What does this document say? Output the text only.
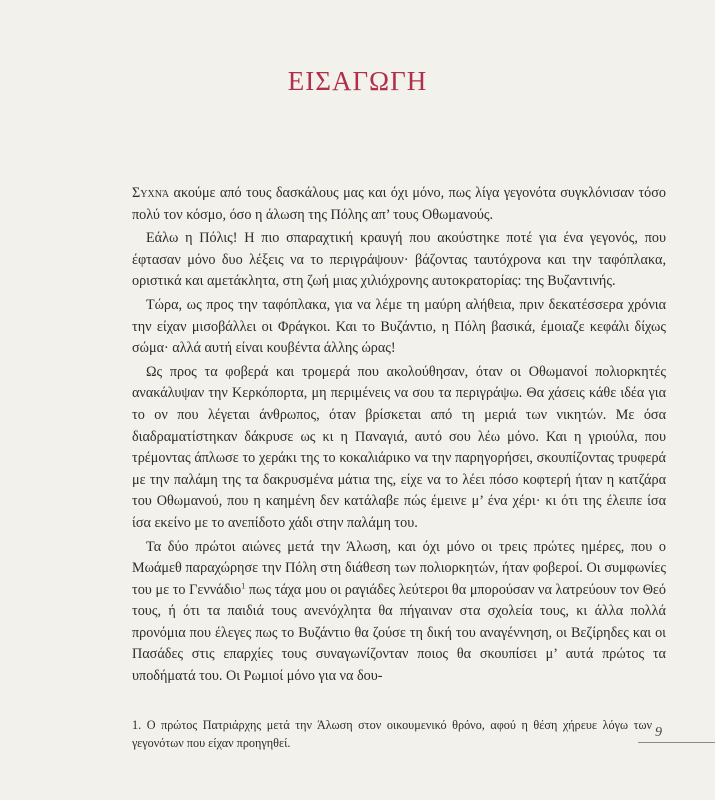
ΕΙΣΑΓΩΓΗ

Συχνά ακούμε από τους δασκάλους μας και όχι μόνο, πως λίγα γεγονότα συγκλόνισαν τόσο πολύ τον κόσμο, όσο η άλωση της Πόλης απ’ τους Οθωμανούς.

Εάλω η Πόλις! Η πιο σπαραχτική κραυγή που ακούστηκε ποτέ για ένα γεγονός, που έφτασαν μόνο δυο λέξεις να το περιγράψουν· βάζοντας ταυτόχρονα και την ταφόπλακα, οριστικά και αμετάκλητα, στη ζωή μιας χιλιόχρονης αυτοκρατορίας: της Βυζαντινής.

Τώρα, ως προς την ταφόπλακα, για να λέμε τη μαύρη αλήθεια, πριν δεκατέσσερα χρόνια την είχαν μισοβάλλει οι Φράγκοι. Και το Βυζάντιο, η Πόλη βασικά, έμοιαζε κεφάλι δίχως σώμα· αλλά αυτή είναι κουβέντα άλλης ώρας!

Ως προς τα φοβερά και τρομερά που ακολούθησαν, όταν οι Οθωμανοί πολιορκητές ανακάλυψαν την Κερκόπορτα, μη περιμένεις να σου τα περιγράψω. Θα χάσεις κάθε ιδέα για το ον που λέγεται άνθρωπος, όταν βρίσκεται από τη μεριά των νικητών. Με όσα διαδραματίστηκαν δάκρυσε ως κι η Παναγιά, αυτό σου λέω μόνο. Και η γριούλα, που τρέμοντας άπλωσε το χεράκι της το κοκαλιάρικο να την παρηγορήσει, σκουπίζοντας τρυφερά με την παλάμη της τα δακρυσμένα μάτια της, είχε να το λέει πόσο κοφτερή ήταν η κατζάρα του Οθωμανού, που η καημένη δεν κατάλαβε πώς έμεινε μ’ ένα χέρι· κι ότι της έλειπε ίσα ίσα εκείνο με το ανεπίδοτο χάδι στην παλάμη του.

Τα δύο πρώτοι αιώνες μετά την Άλωση, και όχι μόνο οι τρεις πρώτες ημέρες, που ο Μωάμεθ παραχώρησε την Πόλη στη διάθεση των πολιορκητών, ήταν φοβεροί. Οι συμφωνίες του με το Γεννάδιο$^1$ πως τάχα μου οι ραγιάδες λεύτεροι θα μπορούσαν να λατρεύουν τον Θεό τους, ή ότι τα παιδιά τους ανενόχλητα θα πήγαιναν στα σχολεία τους, κι άλλα πολλά προνόμια που έλεγες πως το Βυζάντιο θα ζούσε τη δική του αναγέννηση, οι Βεζίρηδες και οι Πασάδες στις επαρχίες τους συναγωνίζονταν ποιος θα σκουπίσει μ’ αυτά πρώτος τα υποδήματά του. Οι Ρωμιοί μόνο για να δου-

1. Ο πρώτος Πατριάρχης μετά την Άλωση στον οικουμενικό θρόνο, αφού η θέση χήρευε λόγω των γεγονότων που είχαν προηγηθεί.
9
